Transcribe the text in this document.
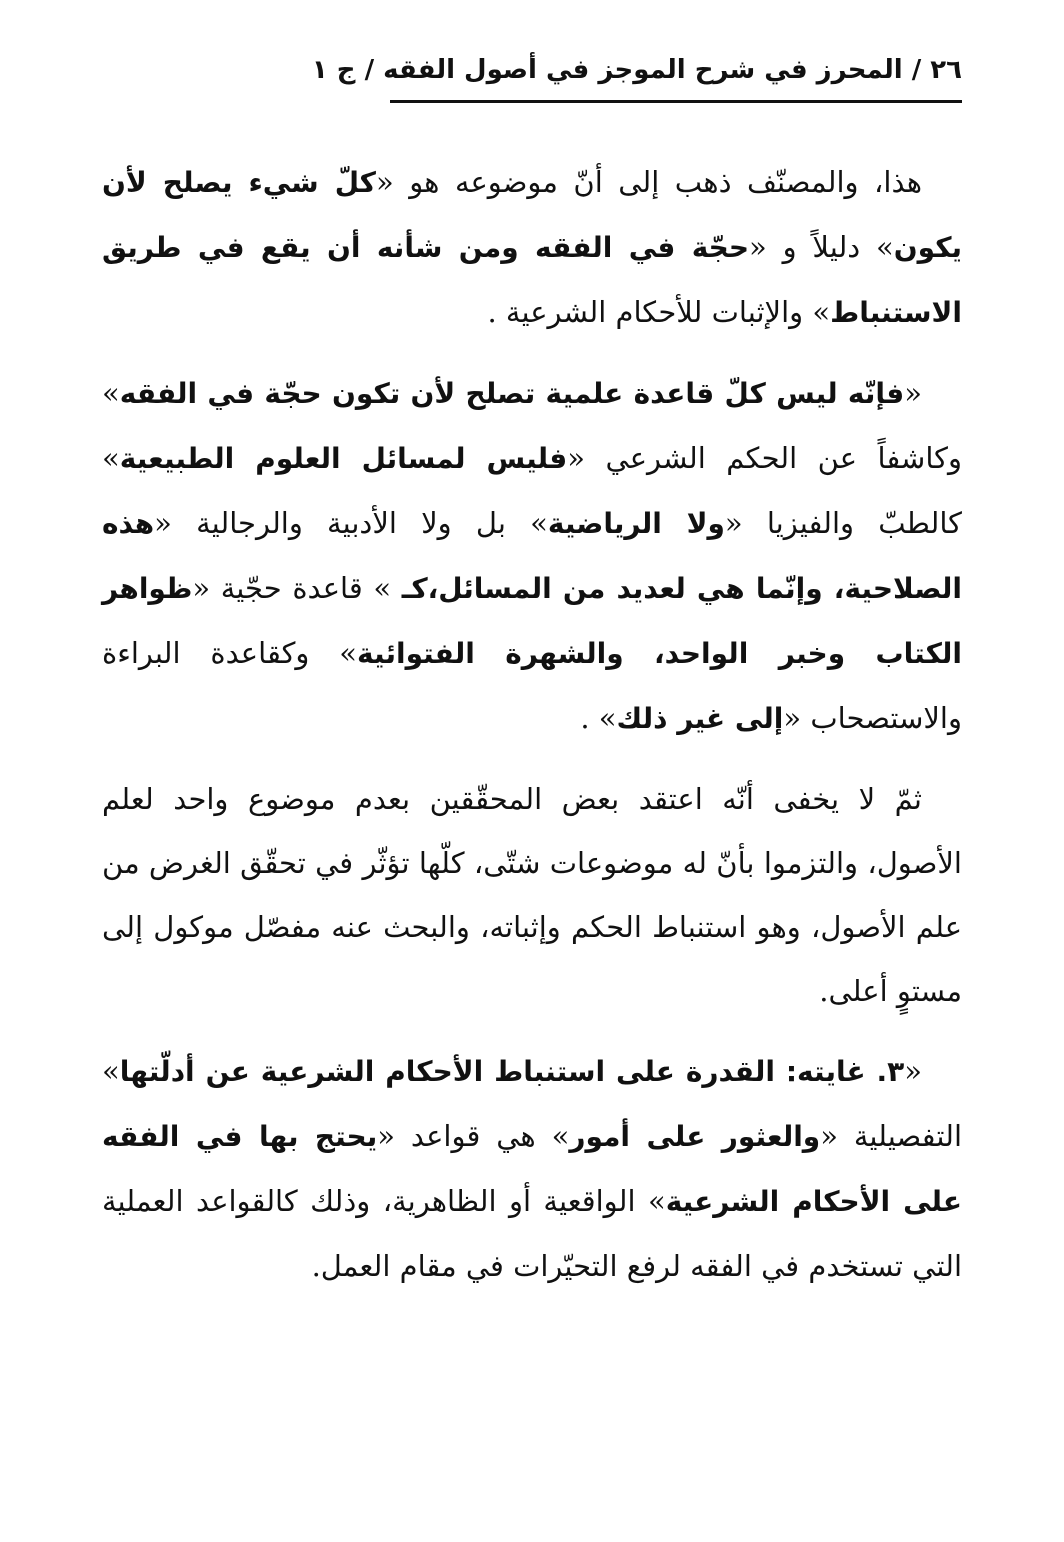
٢٦ / المحرز في شرح الموجز في أصول الفقه / ج ١

هذا، والمصنّف ذهب إلى أنّ موضوعه هو «كلّ شيء يصلح لأن يكون» دليلاً و «حجّة في الفقه ومن شأنه أن يقع في طريق الاستنباط» والإثبات للأحكام الشرعية .

«فإنّه ليس كلّ قاعدة علمية تصلح لأن تكون حجّة في الفقه» وكاشفاً عن الحكم الشرعي «فليس لمسائل العلوم الطبيعية» كالطبّ والفيزيا «ولا الرياضية» بل ولا الأدبية والرجالية «هذه الصلاحية، وإنّما هي لعديد من المسائل،كـ » قاعدة حجّية «ظواهر الكتاب وخبر الواحد، والشهرة الفتوائية» وكقاعدة البراءة والاستصحاب «إلى غير ذلك» .

ثمّ لا يخفى أنّه اعتقد بعض المحقّقين بعدم موضوع واحد لعلم الأصول، والتزموا بأنّ له موضوعات شتّى، كلّها تؤثّر في تحقّق الغرض من علم الأصول، وهو استنباط الحكم وإثباته، والبحث عنه مفصّل موكول إلى مستوٍ أعلى.

«٣. غايته: القدرة على استنباط الأحكام الشرعية عن أدلّتها» التفصيلية «والعثور على أمور» هي قواعد «يحتج بها في الفقه على الأحكام الشرعية» الواقعية أو الظاهرية، وذلك كالقواعد العملية التي تستخدم في الفقه لرفع التحيّرات في مقام العمل.
